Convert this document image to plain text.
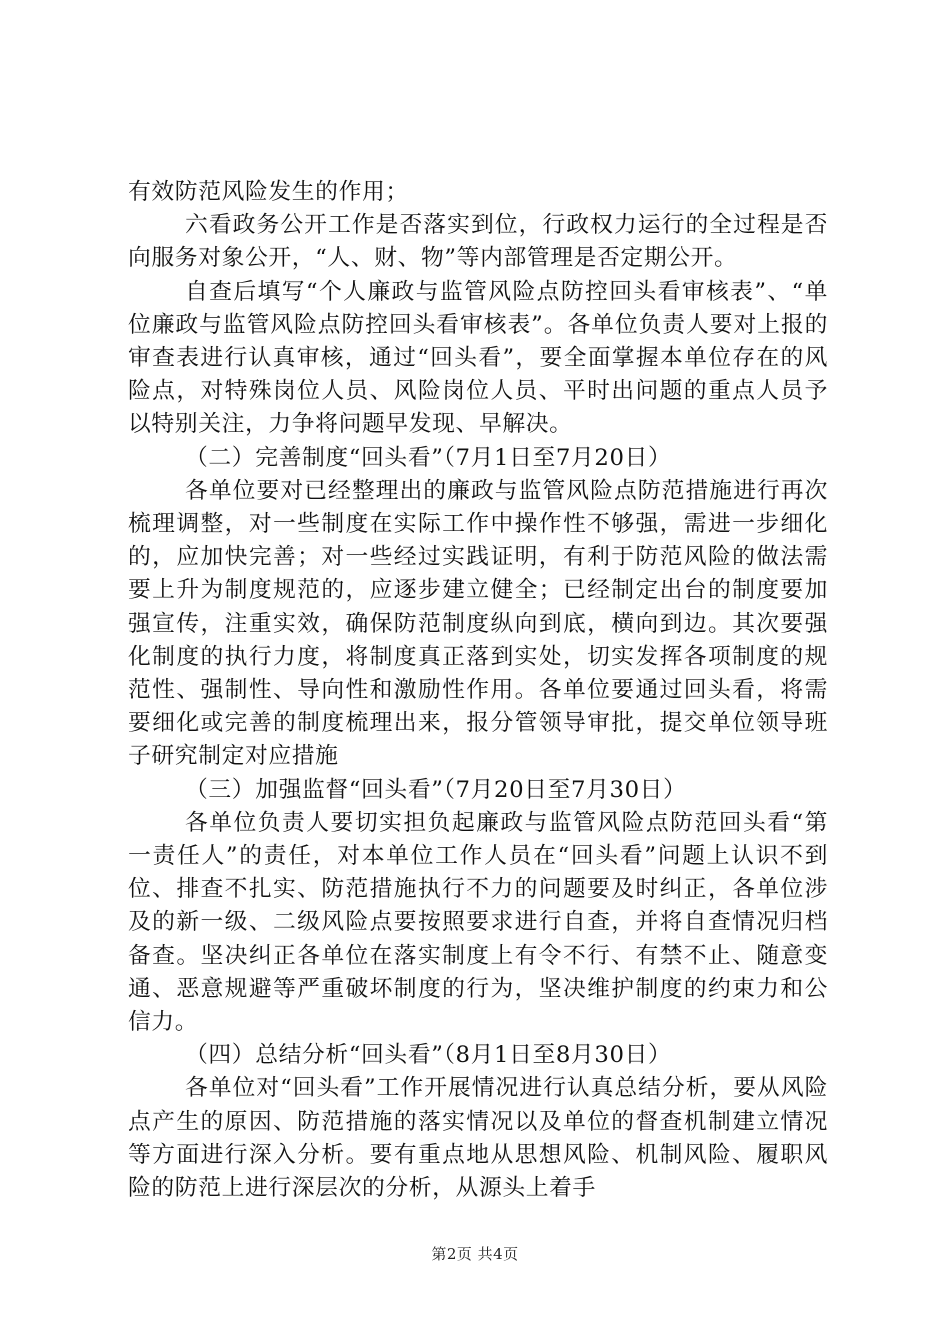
有效防范风险发生的作用；

六看政务公开工作是否落实到位，行政权力运行的全过程是否向服务对象公开，“人、财、物”等内部管理是否定期公开。

自查后填写“个人廉政与监管风险点防控回头看审核表”、“单位廉政与监管风险点防控回头看审核表”。各单位负责人要对上报的审查表进行认真审核，通过“回头看”，要全面掌握本单位存在的风险点，对特殊岗位人员、风险岗位人员、平时出问题的重点人员予以特别关注，力争将问题早发现、早解决。

（二）完善制度“回头看”（7月1日至7月20日）

各单位要对已经整理出的廉政与监管风险点防范措施进行再次梳理调整，对一些制度在实际工作中操作性不够强，需进一步细化的，应加快完善；对一些经过实践证明，有利于防范风险的做法需要上升为制度规范的，应逐步建立健全；已经制定出台的制度要加强宣传，注重实效，确保防范制度纵向到底，横向到边。其次要强化制度的执行力度，将制度真正落到实处，切实发挥各项制度的规范性、强制性、导向性和激励性作用。各单位要通过回头看，将需要细化或完善的制度梳理出来，报分管领导审批，提交单位领导班子研究制定对应措施

（三）加强监督“回头看”（7月20日至7月30日）

各单位负责人要切实担负起廉政与监管风险点防范回头看“第一责任人”的责任，对本单位工作人员在“回头看”问题上认识不到位、排查不扎实、防范措施执行不力的问题要及时纠正，各单位涉及的新一级、二级风险点要按照要求进行自查，并将自查情况归档备查。坚决纠正各单位在落实制度上有令不行、有禁不止、随意变通、恶意规避等严重破坏制度的行为，坚决维护制度的约束力和公信力。

（四）总结分析“回头看”（8月1日至8月30日）

各单位对“回头看”工作开展情况进行认真总结分析，要从风险点产生的原因、防范措施的落实情况以及单位的督查机制建立情况等方面进行深入分析。要有重点地从思想风险、机制风险、履职风险的防范上进行深层次的分析，从源头上着手

第2页 共4页
